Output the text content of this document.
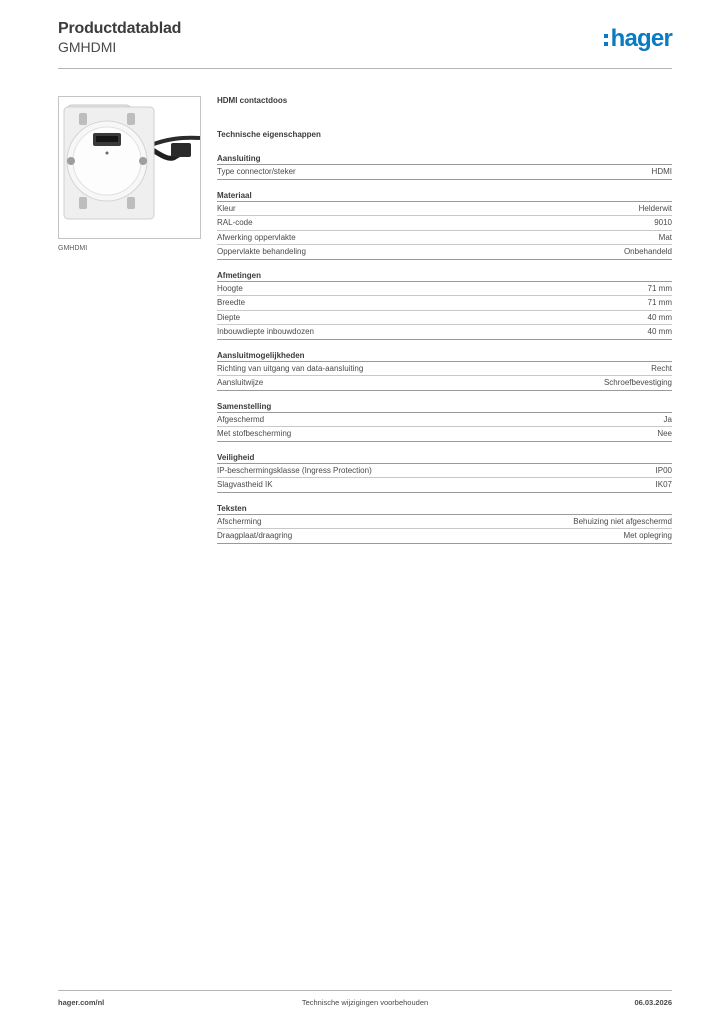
Productdatablad
GMHDMI	hager
GMHDMI
HDMI contactdoos
Technische eigenschappen
Aansluiting
Type connector/steker	HDMI
Materiaal
Kleur	Helderwit
RAL-code	9010
Afwerking oppervlakte	Mat
Oppervlakte behandeling	Onbehandeld
Afmetingen
Hoogte	71 mm
Breedte	71 mm
Diepte	40 mm
Inbouwdiepte inbouwdozen	40 mm
Aansluitmogelijkheden
Richting van uitgang van data-aansluiting	Recht
Aansluitwijze	Schroefbevestiging
Samenstelling
Afgeschermd	Ja
Met stofbescherming	Nee
Veiligheid
IP-beschermingsklasse (Ingress Protection)	IP00
Slagvastheid IK	IK07
Teksten
Afscherming	Behuizing niet afgeschermd
Draagplaat/draagring	Met oplegring
hager.com/nl	Technische wijzigingen voorbehouden	06.03.2026
